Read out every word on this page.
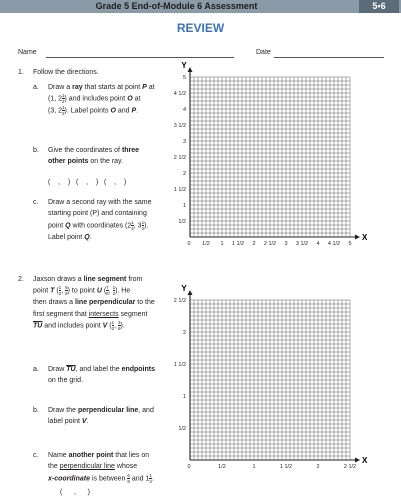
Grade 5 End-of-Module 6 Assessment	5•6
REVIEW
Name	Date
1. Follow the directions.
a. Draw a ray that starts at point P at
(1, $2 \frac{1}{2}$ ) and includes point O at
(3, $2 \frac{1}{2}$ ). Label points O and P.
b. Give the coordinates of three
other points on the ray.
(    ,    )   (    ,    )   (    ,    )
c. Draw a second ray with the same
starting point (P) and containing
point Q with coordinates ($2 \frac{1}{4}$ , $3 \frac{1}{2}$ ).
Label point Q.
2. Jaxson draws a line segment from
point T ( $\frac{1}{2}$ , $\frac{6}{8}$ ) to point U ( $\frac{7}{8}$ , $\frac{1}{2}$ ). He
then draws a line perpendicular to the
first segment that intersects segment
$\overline{TU}$ and includes point V ( $\frac{1}{2}$ , $\frac{3}{8}$ ).
a. Draw $\overline{TU}$, and label the endpoints
on the grid.
b. Draw the perpendicular line, and
label point V.
c. Name another point that lies on
the perpendicular line whose
x-coordinate is between $\frac{6}{8}$ and $1 \frac{1}{4}$ .
(      ,      )
X
Y
0 1/2 1 1 1/2 2 2 1/2 3 3 1/2 4 4 1/2 5
1/2
1
1 1/2
2
2 1/2
3
3 1/2
4
4 1/2
5
X
Y
0	1/2	1	1 1/2	2	2 1/2
1/2
1
1 1/2
2
2 1/2
